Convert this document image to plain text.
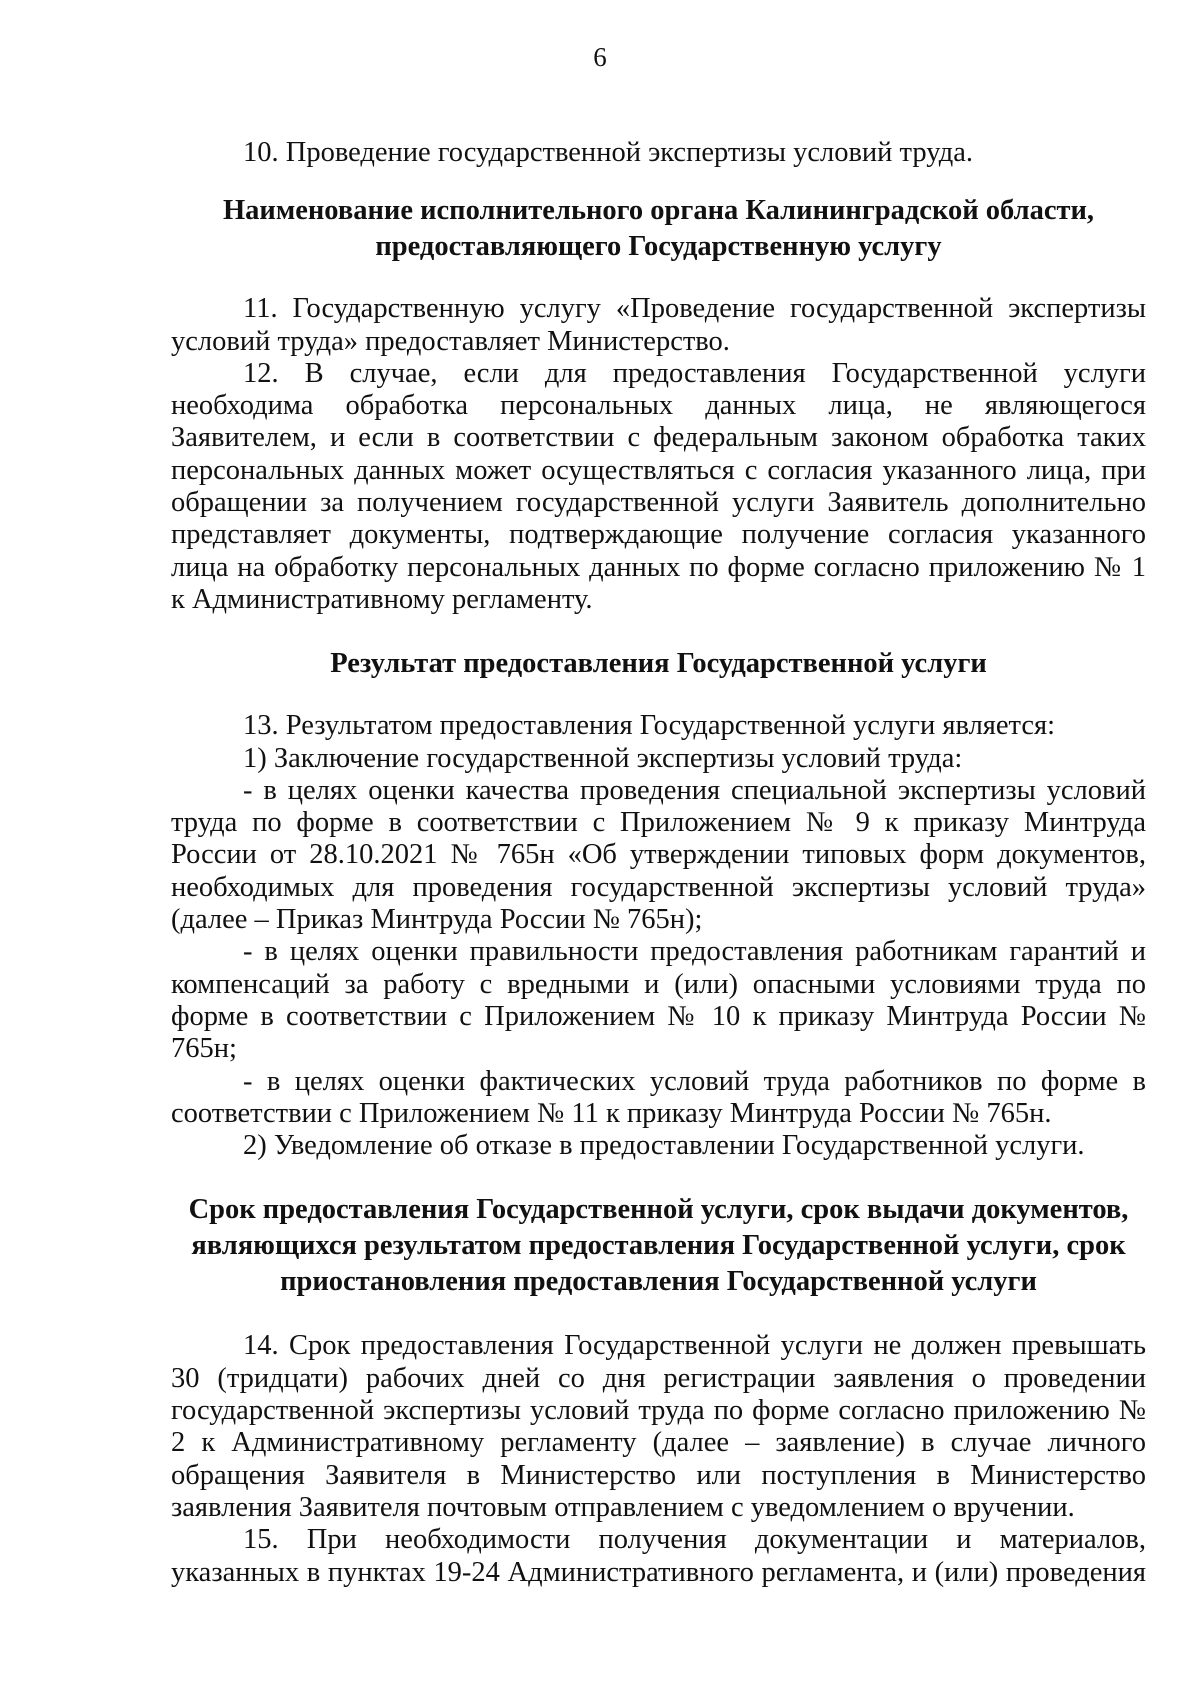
6

10. Проведение государственной экспертизы условий труда.

Наименование исполнительного органа Калининградской области,
предоставляющего Государственную услугу

11. Государственную услугу «Проведение государственной экспертизы условий труда» предоставляет Министерство.

12. В случае, если для предоставления Государственной услуги необходима обработка персональных данных лица, не являющегося Заявителем, и если в соответствии с федеральным законом обработка таких персональных данных может осуществляться с согласия указанного лица, при обращении за получением государственной услуги Заявитель дополнительно представляет документы, подтверждающие получение согласия указанного лица на обработку персональных данных по форме согласно приложению № 1 к Административному регламенту.

Результат предоставления Государственной услуги

13. Результатом предоставления Государственной услуги является:

1) Заключение государственной экспертизы условий труда:

- в целях оценки качества проведения специальной экспертизы условий труда по форме в соответствии с Приложением № 9 к приказу Минтруда России от 28.10.2021 № 765н «Об утверждении типовых форм документов, необходимых для проведения государственной экспертизы условий труда» (далее – Приказ Минтруда России № 765н);

- в целях оценки правильности предоставления работникам гарантий и компенсаций за работу с вредными и (или) опасными условиями труда по форме в соответствии с Приложением № 10 к приказу Минтруда России № 765н;

- в целях оценки фактических условий труда работников по форме в соответствии с Приложением № 11 к приказу Минтруда России № 765н.

2) Уведомление об отказе в предоставлении Государственной услуги.

Срок предоставления Государственной услуги, срок выдачи документов,
являющихся результатом предоставления Государственной услуги, срок
приостановления предоставления Государственной услуги

14. Срок предоставления Государственной услуги не должен превышать 30 (тридцати) рабочих дней со дня регистрации заявления о проведении государственной экспертизы условий труда по форме согласно приложению № 2 к Административному регламенту (далее – заявление) в случае личного обращения Заявителя в Министерство или поступления в Министерство заявления Заявителя почтовым отправлением с уведомлением о вручении.

15. При необходимости получения документации и материалов, указанных в пунктах 19-24 Административного регламента, и (или) проведения
